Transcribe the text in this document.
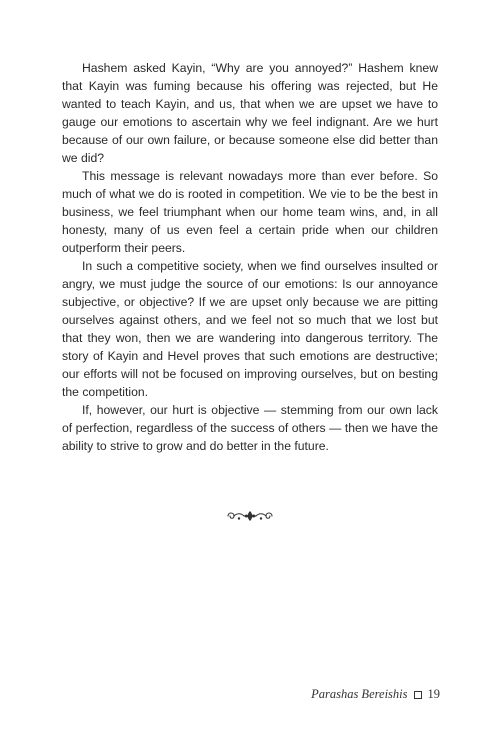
Hashem asked Kayin, “Why are you annoyed?” Hashem knew that Kayin was fuming because his offering was rejected, but He wanted to teach Kayin, and us, that when we are upset we have to gauge our emotions to ascertain why we feel indignant. Are we hurt because of our own failure, or because someone else did better than we did?

This message is relevant nowadays more than ever before. So much of what we do is rooted in competition. We vie to be the best in business, we feel triumphant when our home team wins, and, in all honesty, many of us even feel a certain pride when our children outperform their peers.

In such a competitive society, when we find ourselves insulted or angry, we must judge the source of our emotions: Is our annoyance subjective, or objective? If we are upset only because we are pitting ourselves against others, and we feel not so much that we lost but that they won, then we are wandering into dangerous territory. The story of Kayin and Hevel proves that such emotions are destructive; our efforts will not be focused on improving ourselves, but on besting the competition.

If, however, our hurt is objective — stemming from our own lack of perfection, regardless of the success of others — then we have the ability to strive to grow and do better in the future.

Parashas Bereishis 19
